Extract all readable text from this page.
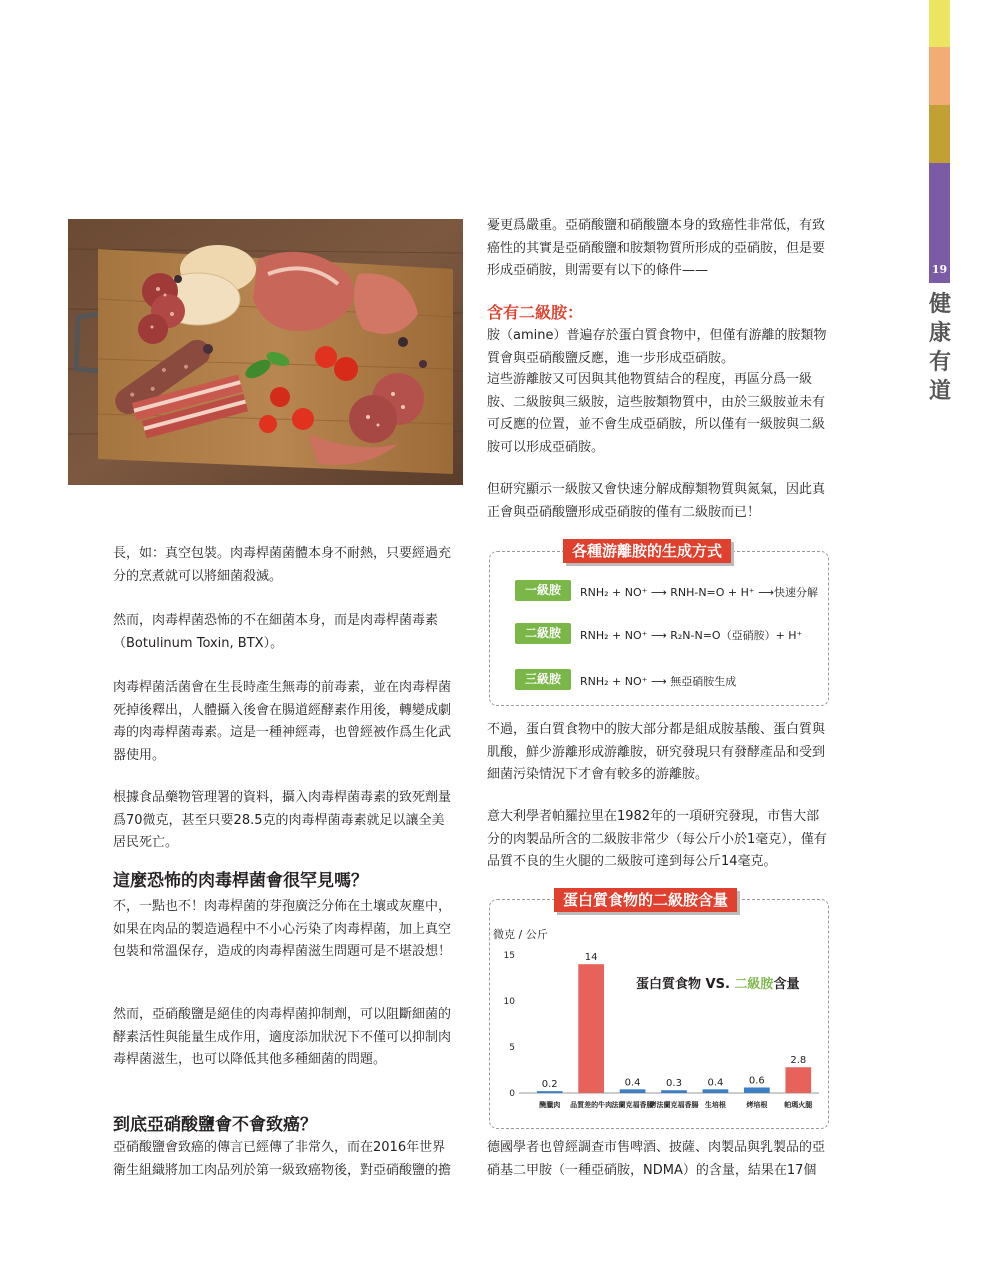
19
健康有道
長，如：真空包裝。肉毒桿菌菌體本身不耐熱，只要經過充分的烹煮就可以將細菌殺滅。
然而，肉毒桿菌恐怖的不在細菌本身，而是肉毒桿菌毒素（Botulinum Toxin, BTX）。
肉毒桿菌活菌會在生長時產生無毒的前毒素，並在肉毒桿菌死掉後釋出，人體攝入後會在腸道經酵素作用後，轉變成劇毒的肉毒桿菌毒素。這是一種神經毒，也曾經被作爲生化武器使用。
根據食品藥物管理署的資料，攝入肉毒桿菌毒素的致死劑量爲70微克，甚至只要28.5克的肉毒桿菌毒素就足以讓全美居民死亡。
這麼恐怖的肉毒桿菌會很罕見嗎？
不，一點也不！肉毒桿菌的芽孢廣泛分佈在土壤或灰塵中，如果在肉品的製造過程中不小心污染了肉毒桿菌，加上真空包裝和常溫保存，造成的肉毒桿菌滋生問題可是不堪設想！
然而，亞硝酸鹽是絕佳的肉毒桿菌抑制劑，可以阻斷細菌的酵素活性與能量生成作用，適度添加狀況下不僅可以抑制肉毒桿菌滋生，也可以降低其他多種細菌的問題。
到底亞硝酸鹽會不會致癌？
亞硝酸鹽會致癌的傳言已經傳了非常久，而在2016年世界衛生組織將加工肉品列於第一級致癌物後，對亞硝酸鹽的擔
憂更爲嚴重。亞硝酸鹽和硝酸鹽本身的致癌性非常低，有致癌性的其實是亞硝酸鹽和胺類物質所形成的亞硝胺，但是要形成亞硝胺，則需要有以下的條件——
含有二級胺：
胺（amine）普遍存於蛋白質食物中，但僅有游離的胺類物質會與亞硝酸鹽反應，進一步形成亞硝胺。
這些游離胺又可因與其他物質結合的程度，再區分爲一級胺、二級胺與三級胺，這些胺類物質中，由於三級胺並未有可反應的位置，並不會生成亞硝胺，所以僅有一級胺與二級胺可以形成亞硝胺。
但研究顯示一級胺又會快速分解成醇類物質與氮氣，因此真正會與亞硝酸鹽形成亞硝胺的僅有二級胺而已！
各種游離胺的生成方式
一級胺	RNH₂ + NO⁺ ⟶ RNH-N=O + H⁺ ⟶快速分解
二級胺	RNH₂ + NO⁺ ⟶ R₂N-N=O（亞硝胺）+ H⁺
三級胺	RNH₂ + NO⁺ ⟶ 無亞硝胺生成
不過，蛋白質食物中的胺大部分都是組成胺基酸、蛋白質與肌酸，鮮少游離形成游離胺，研究發現只有發酵產品和受到細菌污染情況下才會有較多的游離胺。
意大利學者帕羅拉里在1982年的一項研究發現，市售大部分的肉製品所含的二級胺非常少（每公斤小於1毫克），僅有品質不良的生火腿的二級胺可達到每公斤14毫克。
蛋白質食物的二級胺含量
微克 / 公斤
蛋白質食物 VS. 二級胺含量
0
5
10
15
0.2
醃臘肉
14
品質差的牛肉
0.4
法蘭克福香腸
0.3
烤法蘭克福香腸
0.4
生培根
0.6
烤培根
2.8
帕瑪火腿
德國學者也曾經調查市售啤酒、披薩、肉製品與乳製品的亞硝基二甲胺（一種亞硝胺，NDMA）的含量，結果在17個
